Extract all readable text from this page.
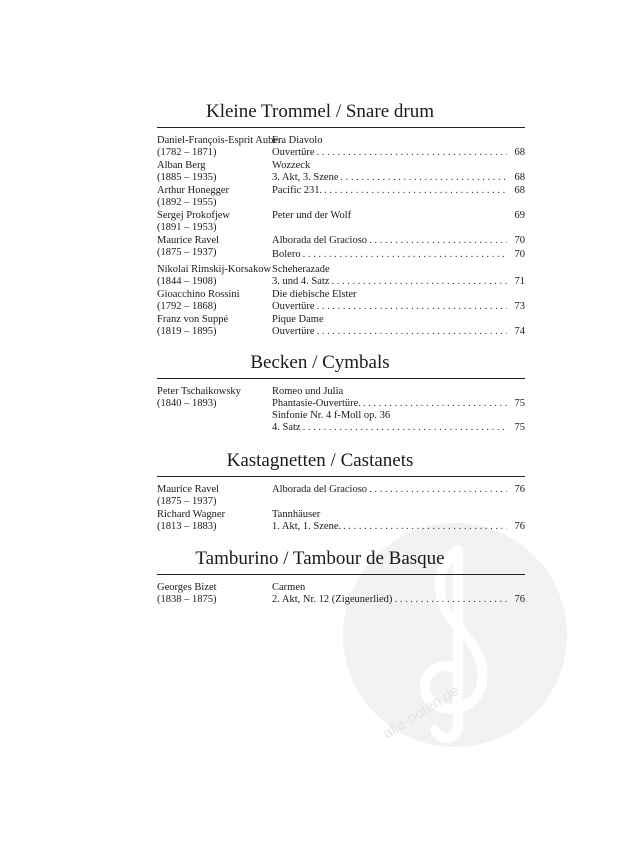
alle-noten.de
Kleine Trommel / Snare drum
Daniel-François-Esprit Auber
(1782 – 1871)
Fra Diavolo
Ouvertüre . . .	68
Alban Berg
(1885 – 1935)
Wozzeck
3. Akt, 3. Szene . . .	68
Arthur Honegger
(1892 – 1955)
Pacific 231. . . .	68
Sergej Prokofjew
(1891 – 1953)
Peter und der Wolf	69
Maurice Ravel
(1875 – 1937)
Alborada del Gracioso . . .	70
Bolero . . .	70
Nikolai Rimskij-Korsakow
(1844 – 1908)
Scheherazade
3. und 4. Satz . . .	71
Gioacchino Rossini
(1792 – 1868)
Die diebische Elster
Ouvertüre . . .	73
Franz von Suppé
(1819 – 1895)
Pique Dame
Ouvertüre . . .	74
Becken / Cymbals
Peter Tschaikowsky
(1840 – 1893)
Romeo und Julia
Phantasie-Ouvertüre. . . .	75
Sinfonie Nr. 4 f-Moll op. 36
4. Satz . . .	75
Kastagnetten / Castanets
Maurice Ravel
(1875 – 1937)
Alborada del Gracioso . . .	76
Richard Wagner
(1813 – 1883)
Tannhäuser
1. Akt, 1. Szene. . . .	76
Tamburino / Tambour de Basque
Georges Bizet
(1838 – 1875)
Carmen
2. Akt, Nr. 12 (Zigeunerlied) . . .	76
